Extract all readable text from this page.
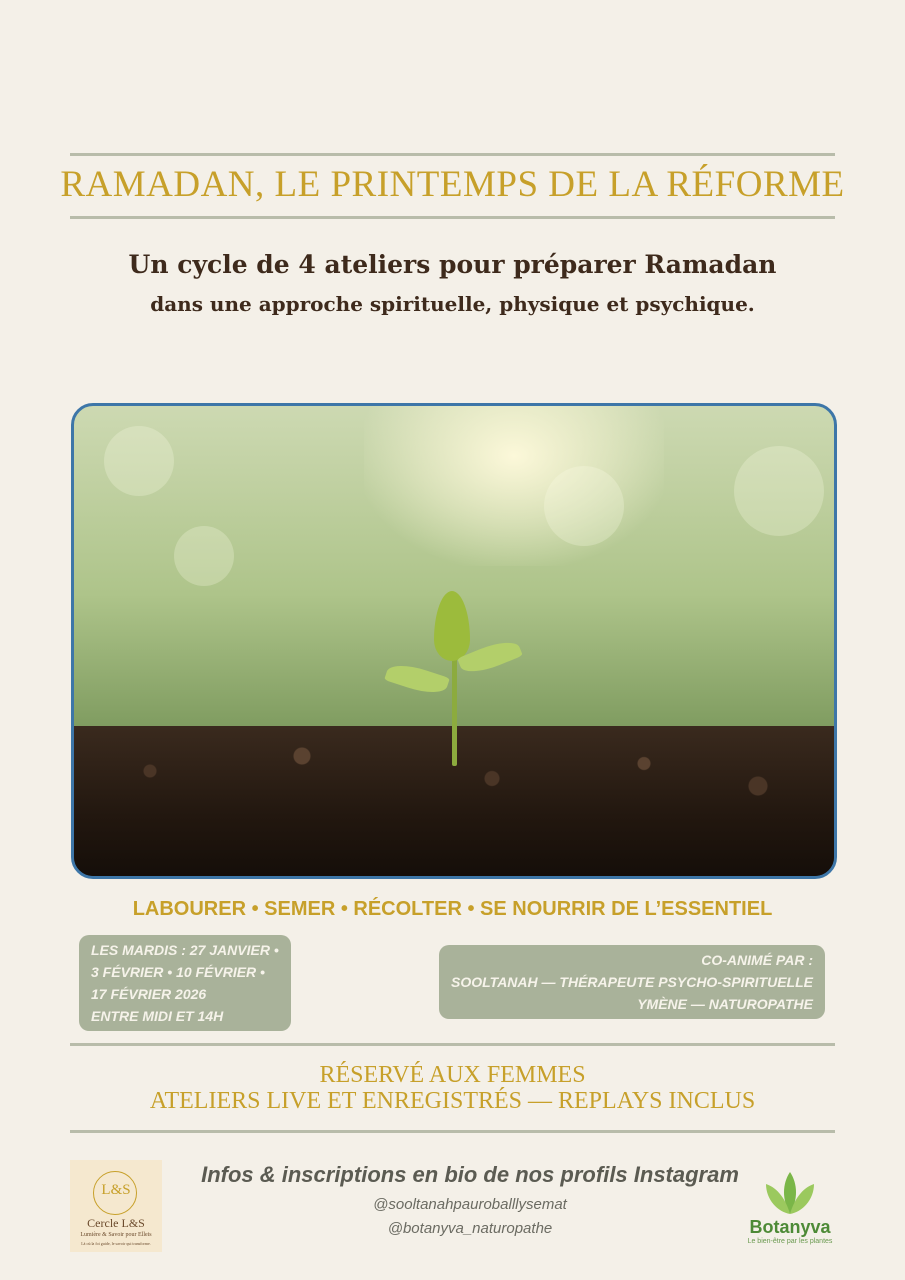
RAMADAN, LE PRINTEMPS DE LA RÉFORME
Un cycle de 4 ateliers pour préparer Ramadan
dans une approche spirituelle, physique et psychique.
LABOURER • SEMER • RÉCOLTER • SE NOURRIR DE L’ESSENTIEL
LES MARDIS : 27 JANVIER •
3 FÉVRIER • 10 FÉVRIER •
17 FÉVRIER 2026
ENTRE MIDI ET 14H
CO-ANIMÉ PAR :
SOOLTANAH — THÉRAPEUTE PSYCHO-SPIRITUELLE
YMÈNE — NATUROPATHE
RÉSERVÉ AUX FEMMES
ATELIERS LIVE ET ENREGISTRÉS — REPLAYS INCLUS
L&S
Cercle L&S
Lumière & Savoir pour Elleis
Là où la foi guide, le savoir qui transforme.
Infos & inscriptions en bio de nos profils Instagram
@sooltanahpauroballlysemat
@botanyva_naturopathe	Botanyva
Le bien-être par les plantes
